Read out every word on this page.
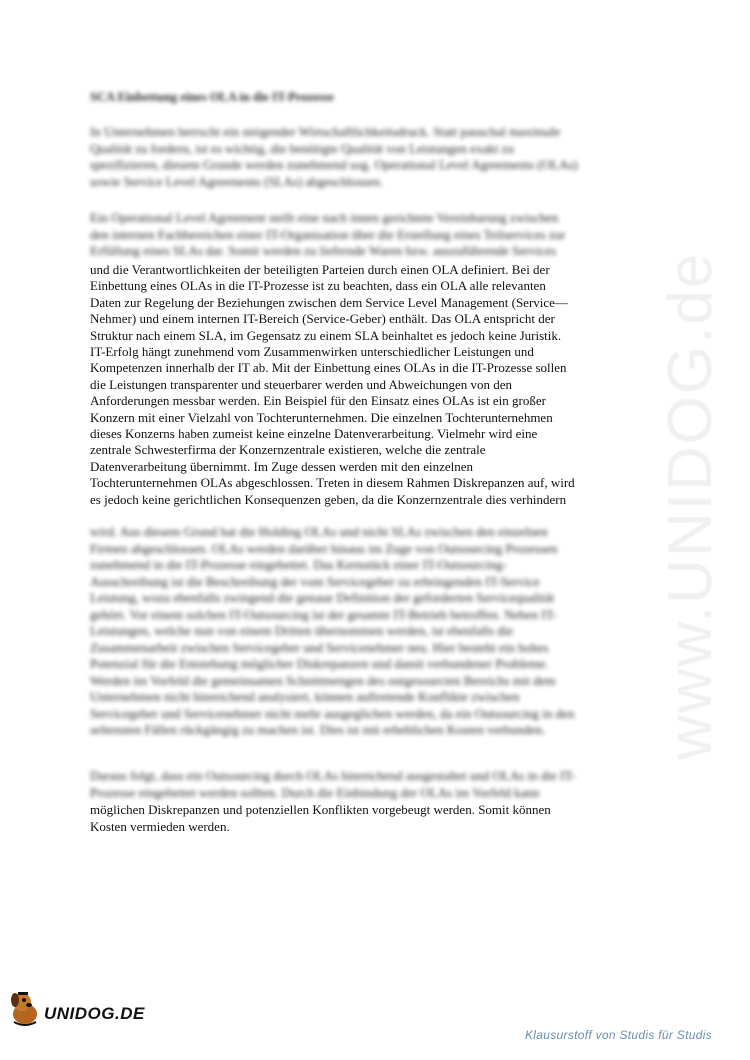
www.UNIDOG.de
SCA Einbettung eines OLA in die IT-Prozesse
In Unternehmen herrscht ein steigender Wirtschaftlichkeitsdruck. Statt pauschal maximale
Qualität zu fordern, ist es wichtig, die benötigte Qualität von Leistungen exakt zu
spezifizieren, diesem Grunde werden zunehmend sog. Operational Level Agreements (OLAs)
sowie Service Level Agreements (SLAs) abgeschlossen.
Ein Operational Level Agreement stellt eine nach innen gerichtete Vereinbarung zwischen
den internen Fachbereichen einer IT-Organisation über die Erstellung eines Teilservices zur
Erfüllung eines SLAs dar. Somit werden zu liefernde Waren bzw. auszuführende Services
und die Verantwortlichkeiten der beteiligten Parteien durch einen OLA definiert. Bei der
Einbettung eines OLAs in die IT-Prozesse ist zu beachten, dass ein OLA alle relevanten
Daten zur Regelung der Beziehungen zwischen dem Service Level Management (Service—
Nehmer) und einem internen IT-Bereich (Service-Geber) enthält. Das OLA entspricht der
Struktur nach einem SLA, im Gegensatz zu einem SLA beinhaltet es jedoch keine Juristik.
IT-Erfolg hängt zunehmend vom Zusammenwirken unterschiedlicher Leistungen und
Kompetenzen innerhalb der IT ab. Mit der Einbettung eines OLAs in die IT-Prozesse sollen
die Leistungen transparenter und steuerbarer werden und Abweichungen von den
Anforderungen messbar werden. Ein Beispiel für den Einsatz eines OLAs ist ein großer
Konzern mit einer Vielzahl von Tochterunternehmen. Die einzelnen Tochterunternehmen
dieses Konzerns haben zumeist keine einzelne Datenverarbeitung. Vielmehr wird eine
zentrale Schwesterfirma der Konzernzentrale existieren, welche die zentrale
Datenverarbeitung übernimmt. Im Zuge dessen werden mit den einzelnen
Tochterunternehmen OLAs abgeschlossen. Treten in diesem Rahmen Diskrepanzen auf, wird
es jedoch keine gerichtlichen Konsequenzen geben, da die Konzernzentrale dies verhindern
wird. Aus diesem Grund hat die Holding OLAs und nicht SLAs zwischen den einzelnen
Firmen abgeschlossen. OLAs werden darüber hinaus im Zuge von Outsourcing Prozessen
zunehmend in die IT-Prozesse eingebettet. Das Kernstück einer IT-Outsourcing-
Ausschreibung ist die Beschreibung der vom Servicegeber zu erbringenden IT-Service
Leistung, wozu ebenfalls zwingend die genaue Definition der geforderten Servicequalität
gehört. Vor einem solchen IT-Outsourcing ist der gesamte IT-Betrieb betroffen. Neben IT-
Leistungen, welche nun von einem Dritten übernommen werden, ist ebenfalls die
Zusammenarbeit zwischen Servicegeber und Servicenehmer neu. Hier besteht ein hohes
Potenzial für die Entstehung möglicher Diskrepanzen und damit verbundener Probleme.
Werden im Vorfeld die gemeinsamen Schnittmengen des outgesourcten Bereichs mit dem
Unternehmen nicht hinreichend analysiert, können auftretende Konflikte zwischen
Servicegeber und Servicenehmer nicht mehr ausgeglichen werden, da ein Outsourcing in den
seltensten Fällen rückgängig zu machen ist. Dies ist mit erheblichen Kosten verbunden.
Daraus folgt, dass ein Outsourcing durch OLAs hinreichend ausgestaltet und OLAs in die IT-
Prozesse eingebettet werden sollten. Durch die Einbindung der OLAs im Vorfeld kann
möglichen Diskrepanzen und potenziellen Konflikten vorgebeugt werden. Somit können
Kosten vermieden werden.
UNIDOG.DE
Klausurstoff von Studis für Studis
